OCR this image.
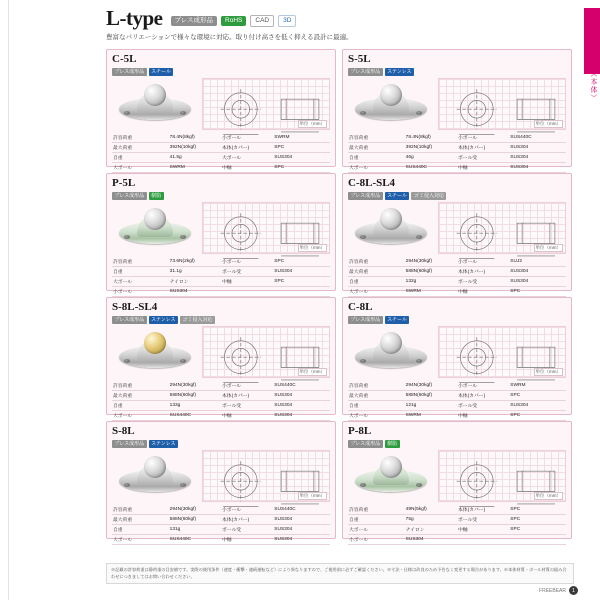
フリーベア（本体）
L-type	プレス成形品	RoHS	CAD	3D
豊富なバリエーションで様々な環境に対応。取り付け高さを低く抑える設計に最適。
C-5L
プレス成形品	スチール
単位（mm）
許容荷重	78.4N(8kgf)	小ボール	SWRM
最大荷重	392N(10kgf)	本体(カバー)	SPC
自重	41.5g	大ボール	SUS304
大ボール	SWRM	中軸	SPC
S-5L
プレス成形品	ステンレス
単位（mm）
許容荷重	78.4N(8kgf)	小ボール	SUS440C
最大荷重	392N(10kgf)	本体(カバー)	SUS304
自重	46g	ボール受	SUS304
大ボール	SUS440C	中軸	SUS304
P-5L
プレス成形品	樹脂
単位（mm）
許容荷重	73.6N(2kgf)	小ボール	SPC
自重	31.1g	ボール受	SUS304
大ボール	ナイロン	中軸	SPC
小ボール	SUS304		
C-8L-SL4
プレス成形品	スチール	ゴミ侵入対応
単位（mm）
許容荷重	294N(30kgf)	小ボール	SUJ2
最大荷重	588N(60kgf)	本体(カバー)	SUS304
自重	132g	ボール受	SUS304
大ボール	SWRM	中軸	SPC
S-8L-SL4
プレス成形品	ステンレス	ゴミ侵入対応
単位（mm）
許容荷重	294N(30kgf)	小ボール	SUS440C
最大荷重	588N(60kgf)	本体(カバー)	SUS304
自重	133g	ボール受	SUS304
大ボール	SUS440C	中軸	SUS304
C-8L
プレス成形品	スチール
単位（mm）
許容荷重	294N(30kgf)	小ボール	SWRM
最大荷重	588N(60kgf)	本体(カバー)	SPC
自重	121g	ボール受	SUS304
大ボール	SWRM	中軸	SPC
S-8L
プレス成形品	ステンレス
単位（mm）
許容荷重	294N(30kgf)	小ボール	SUS440C
最大荷重	588N(60kgf)	本体(カバー)	SUS304
自重	131g	ボール受	SUS304
大ボール	SUS440C	中軸	SUS304
P-8L
プレス成形品	樹脂
単位（mm）
許容荷重	49N(5kgf)	本体(カバー)	SPC
自重	75g	ボール受	SPC
大ボール	ナイロン	中軸	SPC
小ボール	SUS304		
※記載の許容荷重は静荷重の目安値です。実際の使用条件（速度・衝撃・連続運転など）により異なりますので、ご使用前に必ずご確認ください。※寸法・仕様は改良のため予告なく変更する場合があります。※本体材質・ボール材質の組み合わせにつきましてはお問い合わせください。
FREEBEAR	1
